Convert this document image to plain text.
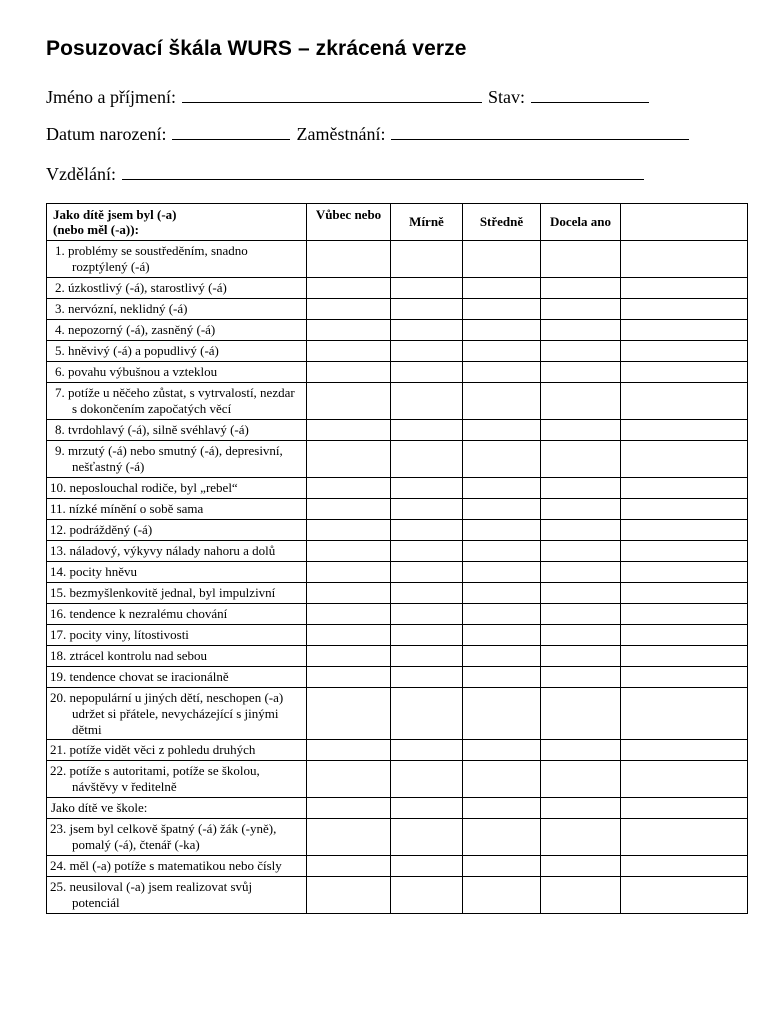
Posuzovací škála WURS – zkrácená verze
Jméno a příjmení:	Stav:
Datum narození:	Zaměstnání:
Vzdělání:
Jako dítě jsem byl (-a)
(nebo měl (-a)):	Vůbec nebo	Mírně	Středně	Docela ano	
1. problémy se soustředěním, snadno rozptýlený (-á)					
2. úzkostlivý (-á), starostlivý (-á)					
3. nervózní, neklidný (-á)					
4. nepozorný (-á), zasněný (-á)					
5. hněvivý (-á) a popudlivý (-á)					
6. povahu výbušnou a vzteklou					
7. potíže u něčeho zůstat, s vytrvalostí, nezdar s dokončením započatých věcí					
8. tvrdohlavý (-á), silně svéhlavý (-á)					
9. mrzutý (-á) nebo smutný (-á), depresivní, nešťastný (-á)					
10. neposlouchal rodiče, byl „rebel“					
11. nízké mínění o sobě sama					
12. podrážděný (-á)					
13. náladový, výkyvy nálady nahoru a dolů					
14. pocity hněvu					
15. bezmyšlenkovitě jednal, byl impulzivní					
16. tendence k nezralému chování					
17. pocity viny, lítostivosti					
18. ztrácel kontrolu nad sebou					
19. tendence chovat se iracionálně					
20. nepopulární u jiných dětí, neschopen (-a) udržet si přátele, nevycházející s jinými dětmi					
21. potíže vidět věci z pohledu druhých					
22. potíže s autoritami, potíže se školou, návštěvy v ředitelně					
Jako dítě ve škole:					
23. jsem byl celkově špatný (-á) žák (-yně), pomalý (-á), čtenář (-ka)					
24. měl (-a) potíže s matematikou nebo čísly					
25. neusiloval (-a) jsem realizovat svůj potenciál					
